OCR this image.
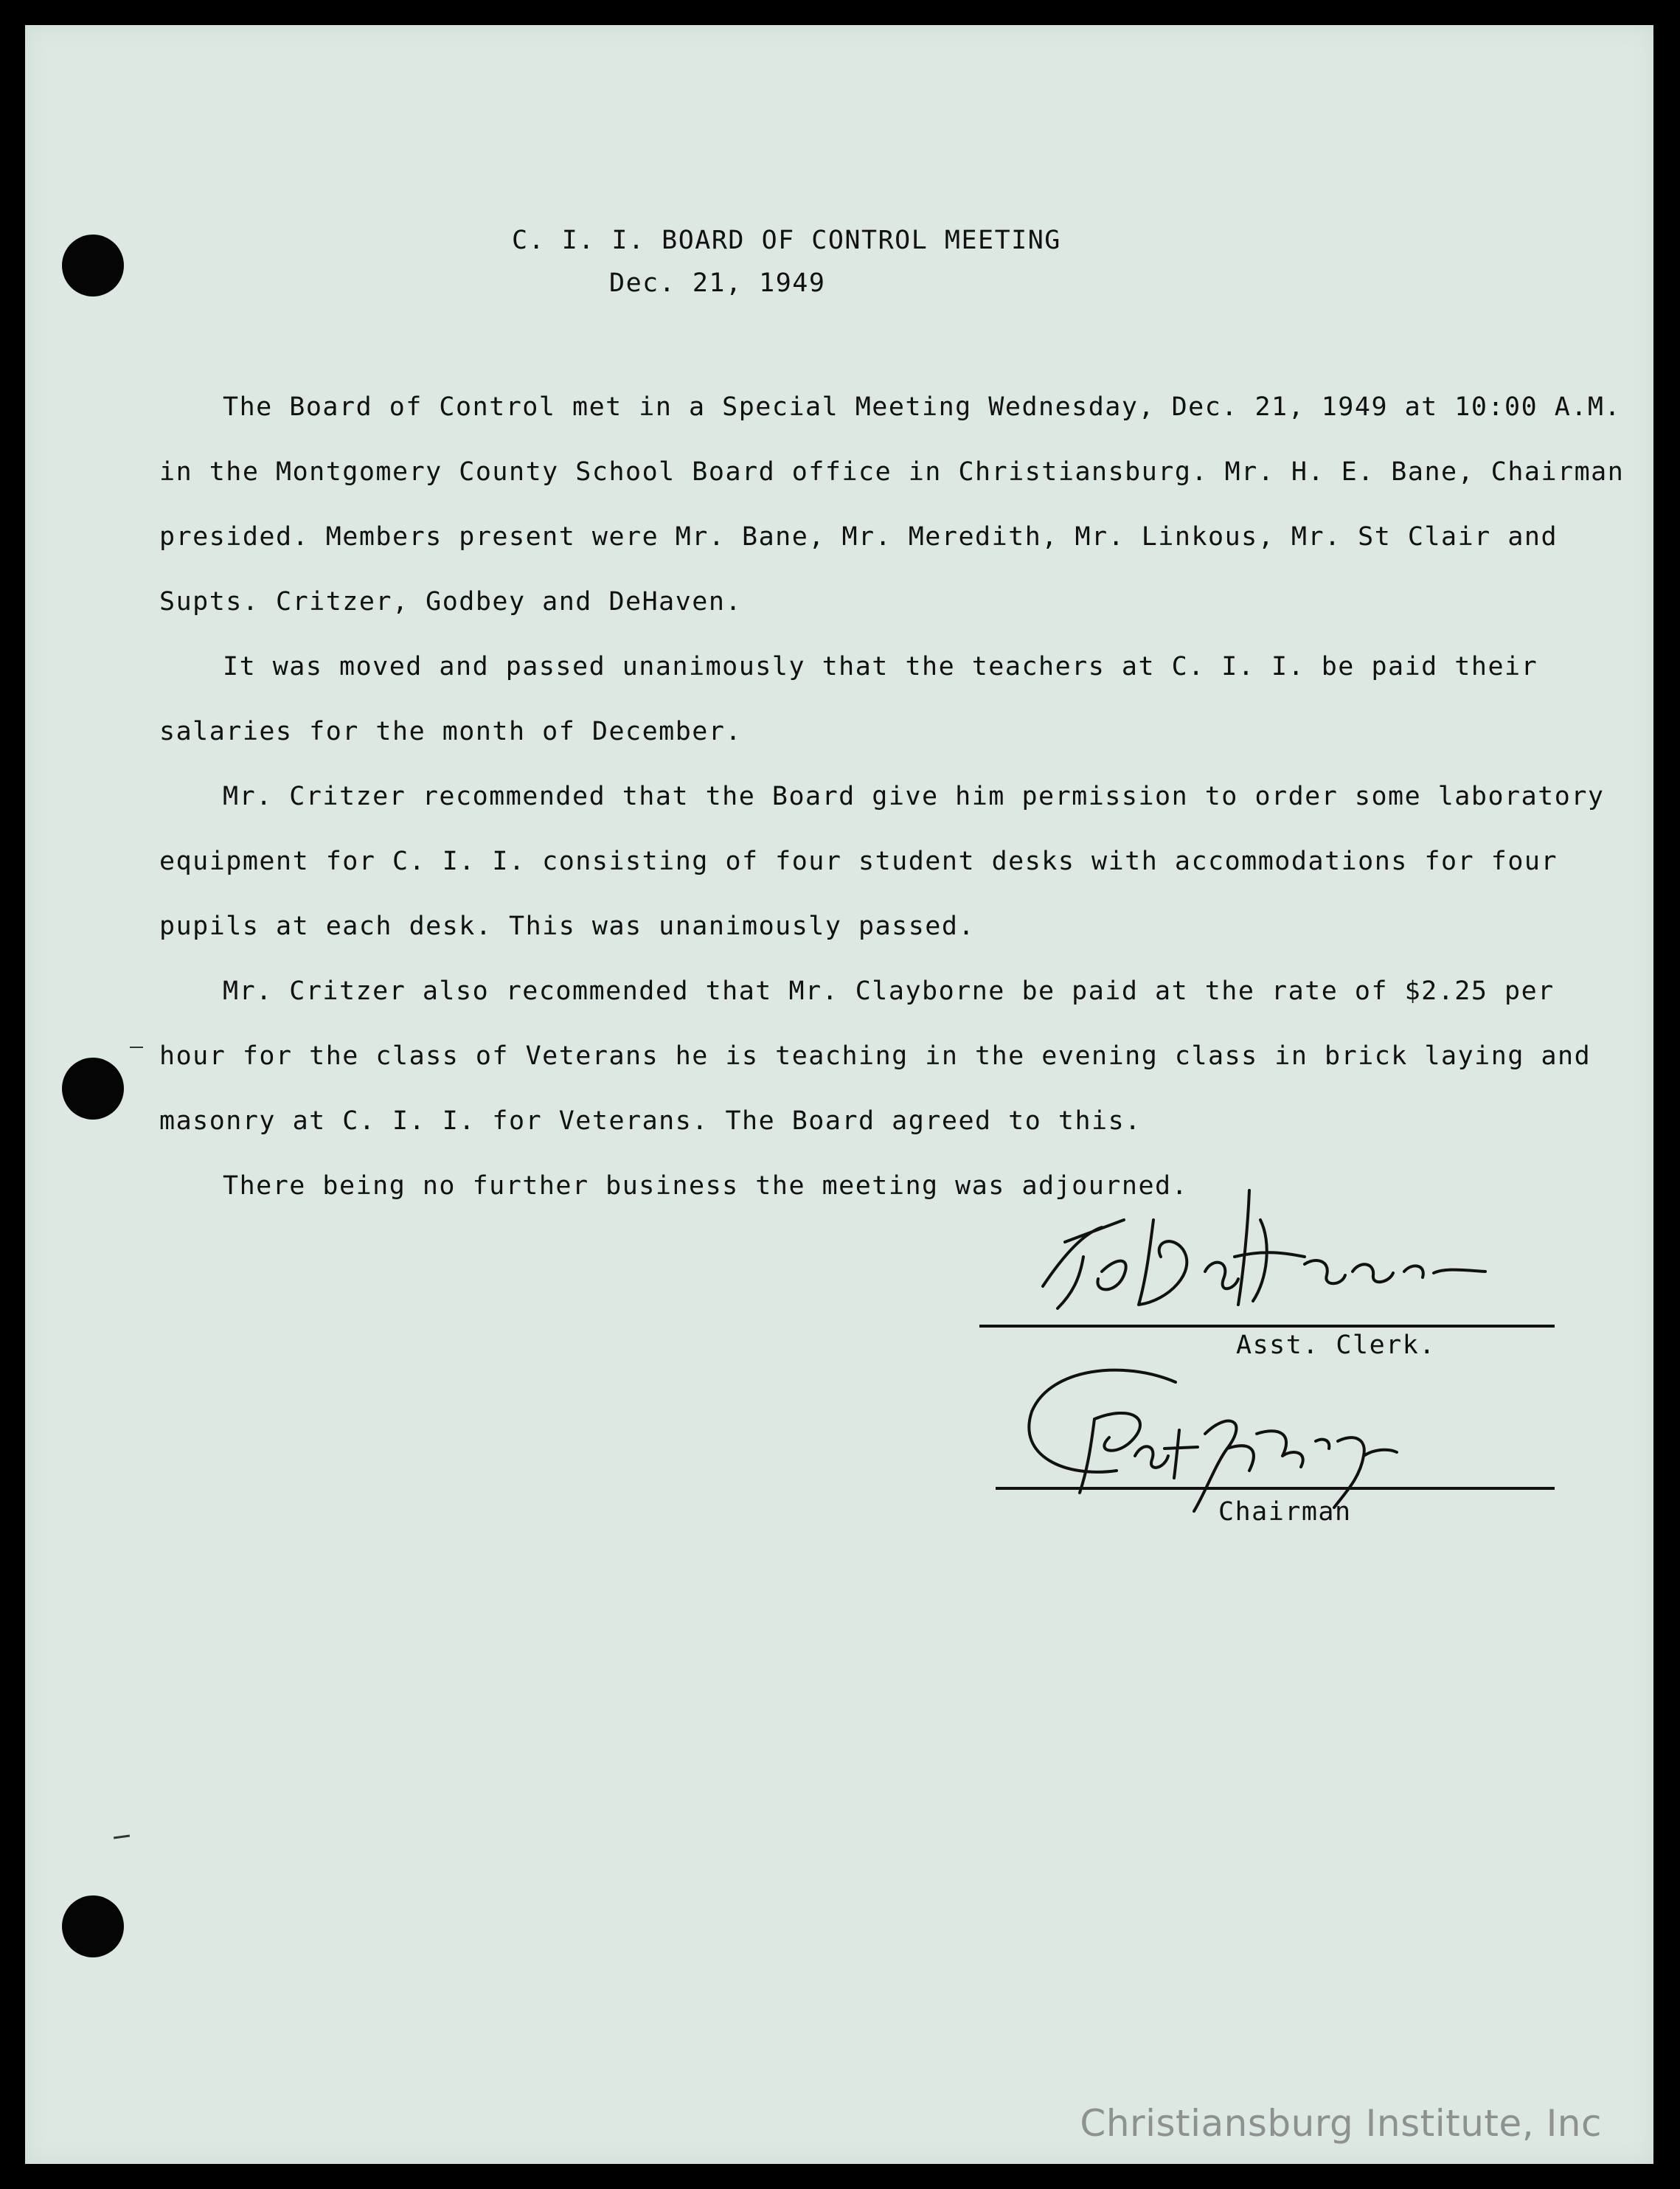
C. I. I. BOARD OF CONTROL MEETING
Dec. 21, 1949
The Board of Control met in a Special Meeting Wednesday, Dec. 21, 1949 at 10:00 A.M.
in the Montgomery County School Board office in Christiansburg. Mr. H. E. Bane, Chairman
presided. Members present were Mr. Bane, Mr. Meredith, Mr. Linkous, Mr. St Clair and
Supts. Critzer, Godbey and DeHaven.
It was moved and passed unanimously that the teachers at C. I. I. be paid their
salaries for the month of December.
Mr. Critzer recommended that the Board give him permission to order some laboratory
equipment for C. I. I. consisting of four student desks with accommodations for four
pupils at each desk. This was unanimously passed.
Mr. Critzer also recommended that Mr. Clayborne be paid at the rate of $2.25 per
hour for the class of Veterans he is teaching in the evening class in brick laying and
masonry at C. I. I. for Veterans. The Board agreed to this.
There being no further business the meeting was adjourned.
Asst. Clerk.
Chairman
Christiansburg Institute, Inc
